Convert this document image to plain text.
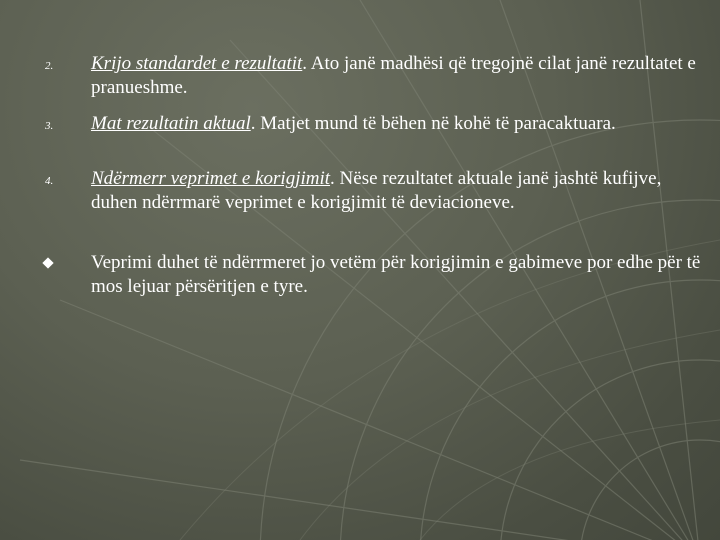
2.	Krijo standardet e rezultatit. Ato janë madhësi që tregojnë cilat janë rezultatet e pranueshme.
3.	Mat rezultatin aktual. Matjet mund të bëhen në kohë të paracaktuara.
4.	Ndërmerr veprimet e korigjimit. Nëse rezultatet aktuale janë jashtë kufijve, duhen ndërrmarë veprimet e korigjimit të deviacioneve.
Veprimi duhet të ndërrmeret jo vetëm për korigjimin e gabimeve por edhe për të mos lejuar përsëritjen e tyre.
